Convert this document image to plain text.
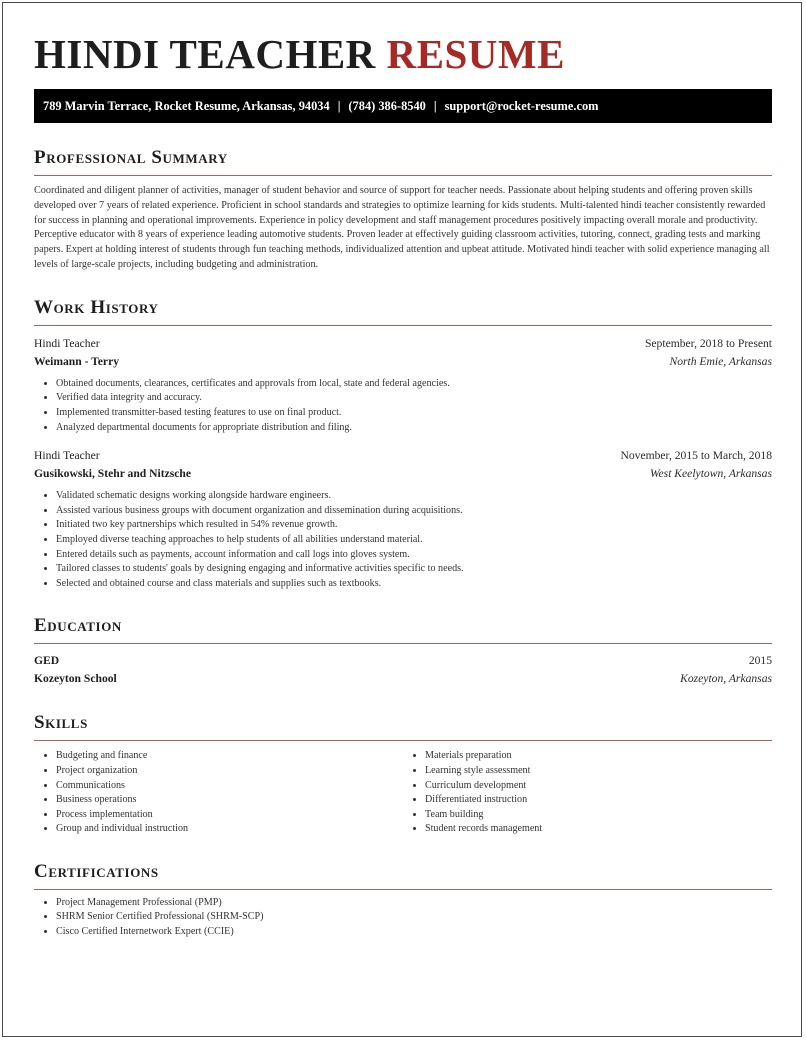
HINDI TEACHER RESUME
789 Marvin Terrace, Rocket Resume, Arkansas, 94034 | (784) 386-8540 | support@rocket-resume.com
Professional Summary
Coordinated and diligent planner of activities, manager of student behavior and source of support for teacher needs. Passionate about helping students and offering proven skills developed over 7 years of related experience. Proficient in school standards and strategies to optimize learning for kids students. Multi-talented hindi teacher consistently rewarded for success in planning and operational improvements. Experience in policy development and staff management procedures positively impacting overall morale and productivity. Perceptive educator with 8 years of experience leading automotive students. Proven leader at effectively guiding classroom activities, tutoring, connect, grading tests and marking papers. Expert at holding interest of students through fun teaching methods, individualized attention and upbeat attitude. Motivated hindi teacher with solid experience managing all levels of large-scale projects, including budgeting and administration.
Work History
Hindi Teacher	September, 2018 to Present
Weimann - Terry	North Emie, Arkansas
• Obtained documents, clearances, certificates and approvals from local, state and federal agencies.
• Verified data integrity and accuracy.
• Implemented transmitter-based testing features to use on final product.
• Analyzed departmental documents for appropriate distribution and filing.
Hindi Teacher	November, 2015 to March, 2018
Gusikowski, Stehr and Nitzsche	West Keelytown, Arkansas
• Validated schematic designs working alongside hardware engineers.
• Assisted various business groups with document organization and dissemination during acquisitions.
• Initiated two key partnerships which resulted in 54% revenue growth.
• Employed diverse teaching approaches to help students of all abilities understand material.
• Entered details such as payments, account information and call logs into gloves system.
• Tailored classes to students' goals by designing engaging and informative activities specific to needs.
• Selected and obtained course and class materials and supplies such as textbooks.
Education
GED	2015
Kozeyton School	Kozeyton, Arkansas
Skills
• Budgeting and finance
• Project organization
• Communications
• Business operations
• Process implementation
• Group and individual instruction
• Materials preparation
• Learning style assessment
• Curriculum development
• Differentiated instruction
• Team building
• Student records management
Certifications
• Project Management Professional (PMP)
• SHRM Senior Certified Professional (SHRM-SCP)
• Cisco Certified Internetwork Expert (CCIE)
